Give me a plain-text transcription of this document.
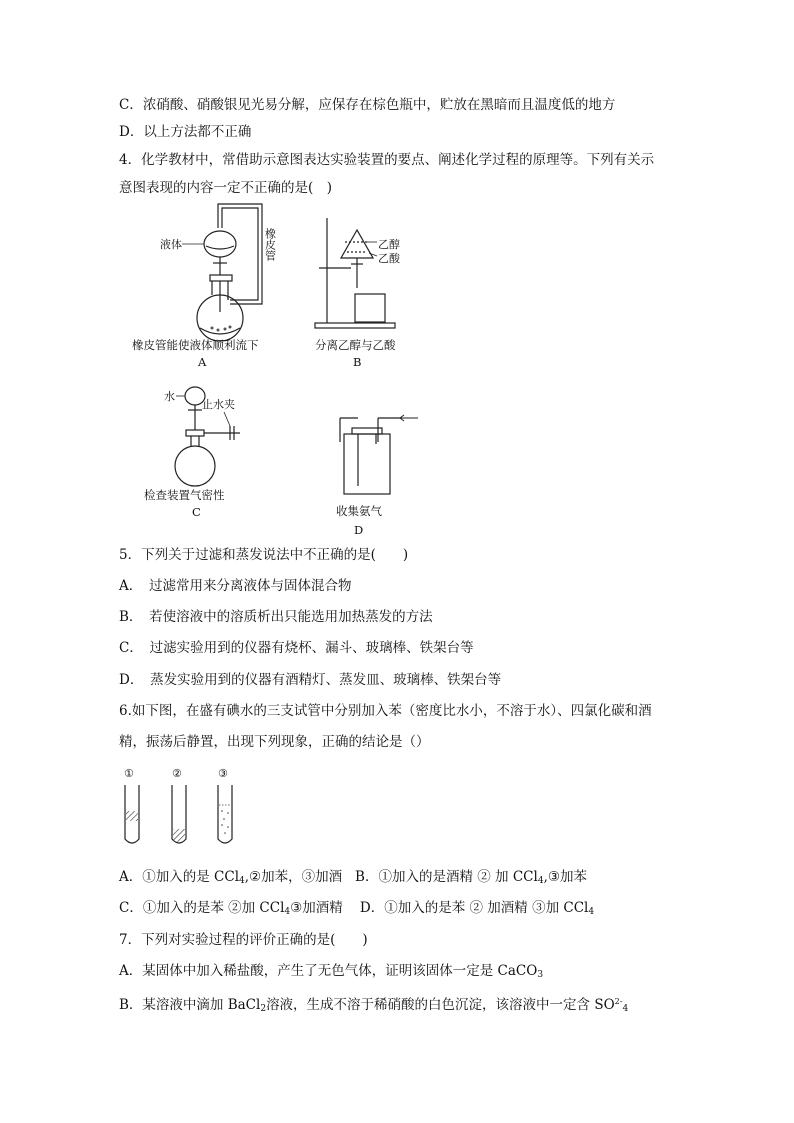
C．浓硝酸、硝酸银见光易分解，应保存在棕色瓶中，贮放在黑暗而且温度低的地方
D．以上方法都不正确
4．化学教材中，常借助示意图表达实验装置的要点、阐述化学过程的原理等。下列有关示
意图表现的内容一定不正确的是(　)
液体	橡皮管
橡皮管能使液体顺利流下
A
乙醇
乙酸
分离乙醇与乙酸
B
水
止水夹
检查装置气密性
C	收集氨气
D
5．下列关于过滤和蒸发说法中不正确的是(　　)
A．　过滤常用来分离液体与固体混合物
B．　若使溶液中的溶质析出只能选用加热蒸发的方法
C．　过滤实验用到的仪器有烧杯、漏斗、玻璃棒、铁架台等
D．　蒸发实验用到的仪器有酒精灯、蒸发皿、玻璃棒、铁架台等
6.如下图，在盛有碘水的三支试管中分别加入苯（密度比水小，不溶于水）、四氯化碳和酒
精，振荡后静置，出现下列现象，正确的结论是（）
①	②	③
A．①加入的是 CCl$_4$,②加苯，③加酒 B．①加入的是酒精 ② 加 CCl$_4$,③加苯
C．①加入的是苯 ②加 CCl$_4$③加酒精 D．①加入的是苯 ② 加酒精 ③加 CCl$_4$
7．下列对实验过程的评价正确的是(　　)
A．某固体中加入稀盐酸，产生了无色气体，证明该固体一定是 CaCO$_3$
B．某溶液中滴加 BaCl$_2$溶液，生成不溶于稀硝酸的白色沉淀，该溶液中一定含 $SO^{2-}_4$
